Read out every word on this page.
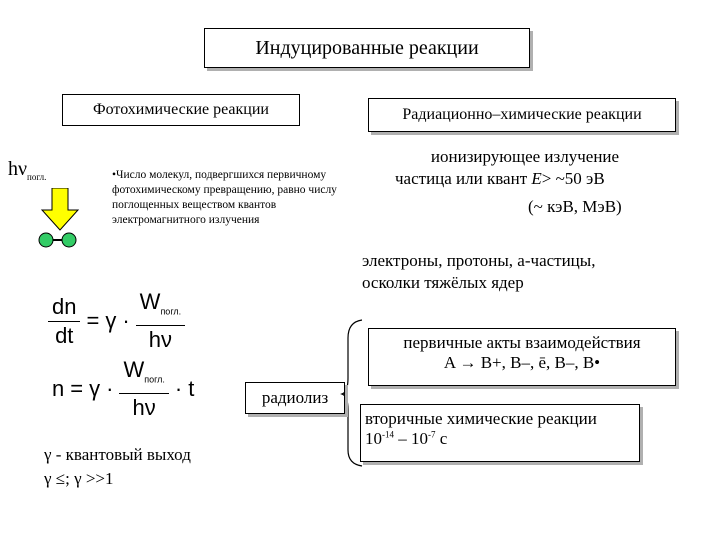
Индуцированные реакции
Фотохимические реакции	Радиационно–химические реакции
$h\nu_{погл.}$	•Число молекул, подвергшихся первичному фотохимическому превращению, равно числу поглощенных веществом квантов электромагнитного излучения
$\frac{dn}{dt} = \gamma \cdot \frac{W_{погл.}}{h\nu}$
$n = \gamma \cdot \frac{W_{погл.}}{h\nu} \cdot t$
γ - квантовый выход
γ ≤; γ >>1
ионизирующее излучение
частица или квант E> ~50 эВ
(~ кэВ, МэВ)
электроны, протоны, а-частицы,
осколки тяжёлых ядер
радиолиз
первичные акты взаимодействия
A → B+, B–, ē, B–, B•
вторичные химические реакции
$10^{-14} - 10^{-7}$ с
